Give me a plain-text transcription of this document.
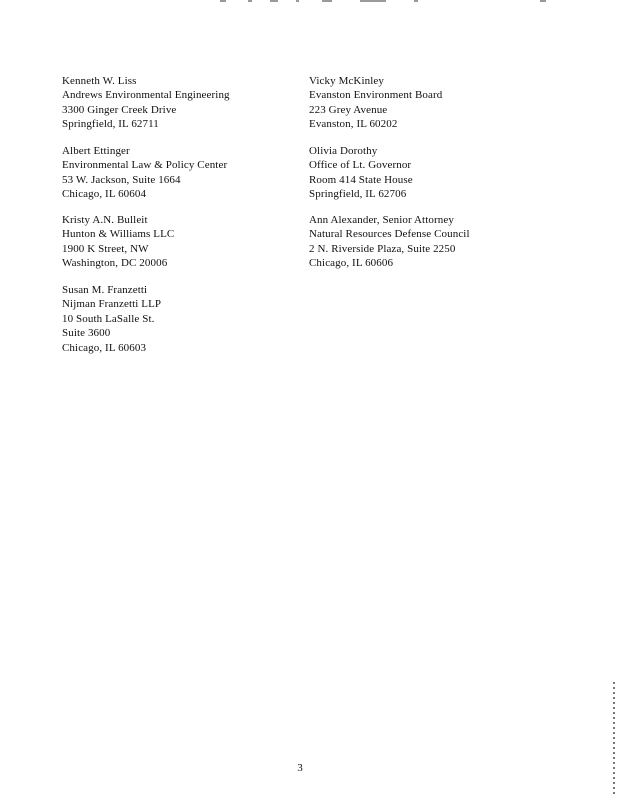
Kenneth W. Liss
Andrews Environmental Engineering
3300 Ginger Creek Drive
Springfield, IL 62711
Vicky McKinley
Evanston Environment Board
223 Grey Avenue
Evanston, IL 60202
Albert Ettinger
Environmental Law & Policy Center
53 W. Jackson, Suite 1664
Chicago, IL 60604
Olivia Dorothy
Office of Lt. Governor
Room 414 State House
Springfield, IL 62706
Kristy A.N. Bulleit
Hunton & Williams LLC
1900 K Street, NW
Washington, DC 20006
Ann Alexander, Senior Attorney
Natural Resources Defense Council
2 N. Riverside Plaza, Suite 2250
Chicago, IL 60606
Susan M. Franzetti
Nijman Franzetti LLP
10 South LaSalle St.
Suite 3600
Chicago, IL 60603
3
